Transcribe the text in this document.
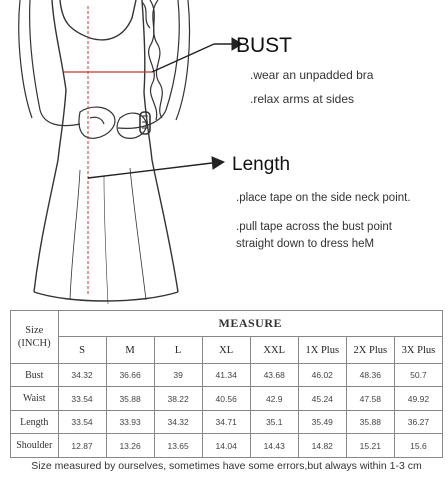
BUST
.wear an unpadded bra
.relax arms at sides
Length
.place tape on the side neck point.
.pull tape across the bust point
straight down to dress heM
Size
(INCH)	MEASURE							
	S	M	L	XL	XXL	1X Plus	2X Plus	3X Plus
Bust	34.32	36.66	39	41.34	43.68	46.02	48.36	50.7
Waist	33.54	35.88	38.22	40.56	42.9	45.24	47.58	49.92
Length	33.54	33.93	34.32	34.71	35.1	35.49	35.88	36.27
Shoulder	12.87	13.26	13.65	14.04	14.43	14.82	15.21	15.6
Size measured by ourselves, sometimes have some errors,but always within 1-3 cm
